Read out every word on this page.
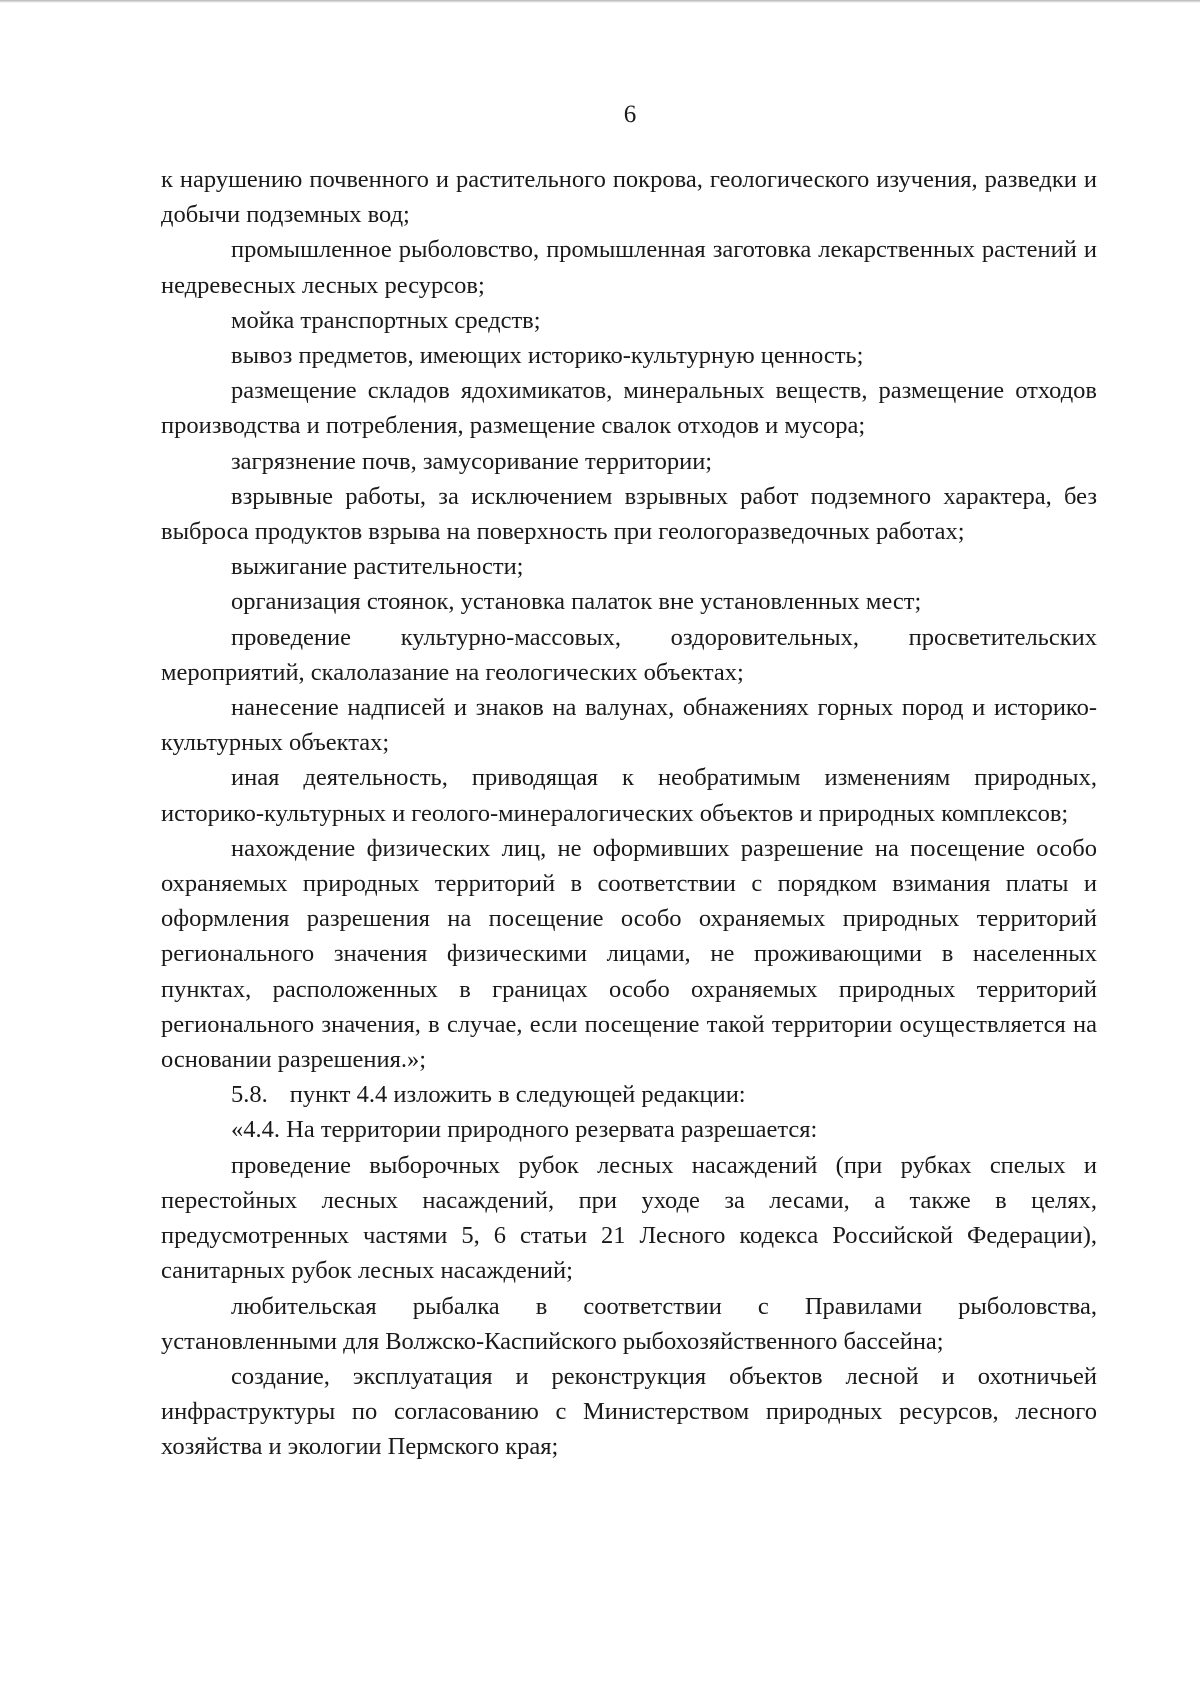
6

к нарушению почвенного и растительного покрова, геологического изучения, разведки и добычи подземных вод;

промышленное рыболовство, промышленная заготовка лекарственных растений и недревесных лесных ресурсов;

мойка транспортных средств;

вывоз предметов, имеющих историко-культурную ценность;

размещение складов ядохимикатов, минеральных веществ, размещение отходов производства и потребления, размещение свалок отходов и мусора;

загрязнение почв, замусоривание территории;

взрывные работы, за исключением взрывных работ подземного характера, без выброса продуктов взрыва на поверхность при геологоразведочных работах;

выжигание растительности;

организация стоянок, установка палаток вне установленных мест;

проведение культурно-массовых, оздоровительных, просветительских мероприятий, скалолазание на геологических объектах;

нанесение надписей и знаков на валунах, обнажениях горных пород и историко-культурных объектах;

иная деятельность, приводящая к необратимым изменениям природных, историко-культурных и геолого-минералогических объектов и природных комплексов;

нахождение физических лиц, не оформивших разрешение на посещение особо охраняемых природных территорий в соответствии с порядком взимания платы и оформления разрешения на посещение особо охраняемых природных территорий регионального значения физическими лицами, не проживающими в населенных пунктах, расположенных в границах особо охраняемых природных территорий регионального значения, в случае, если посещение такой территории осуществляется на основании разрешения.»;

5.8. пункт 4.4 изложить в следующей редакции:

«4.4. На территории природного резервата разрешается:

проведение выборочных рубок лесных насаждений (при рубках спелых и перестойных лесных насаждений, при уходе за лесами, а также в целях, предусмотренных частями 5, 6 статьи 21 Лесного кодекса Российской Федерации), санитарных рубок лесных насаждений;

любительская рыбалка в соответствии с Правилами рыболовства, установленными для Волжско-Каспийского рыбохозяйственного бассейна;

создание, эксплуатация и реконструкция объектов лесной и охотничьей инфраструктуры по согласованию с Министерством природных ресурсов, лесного хозяйства и экологии Пермского края;
